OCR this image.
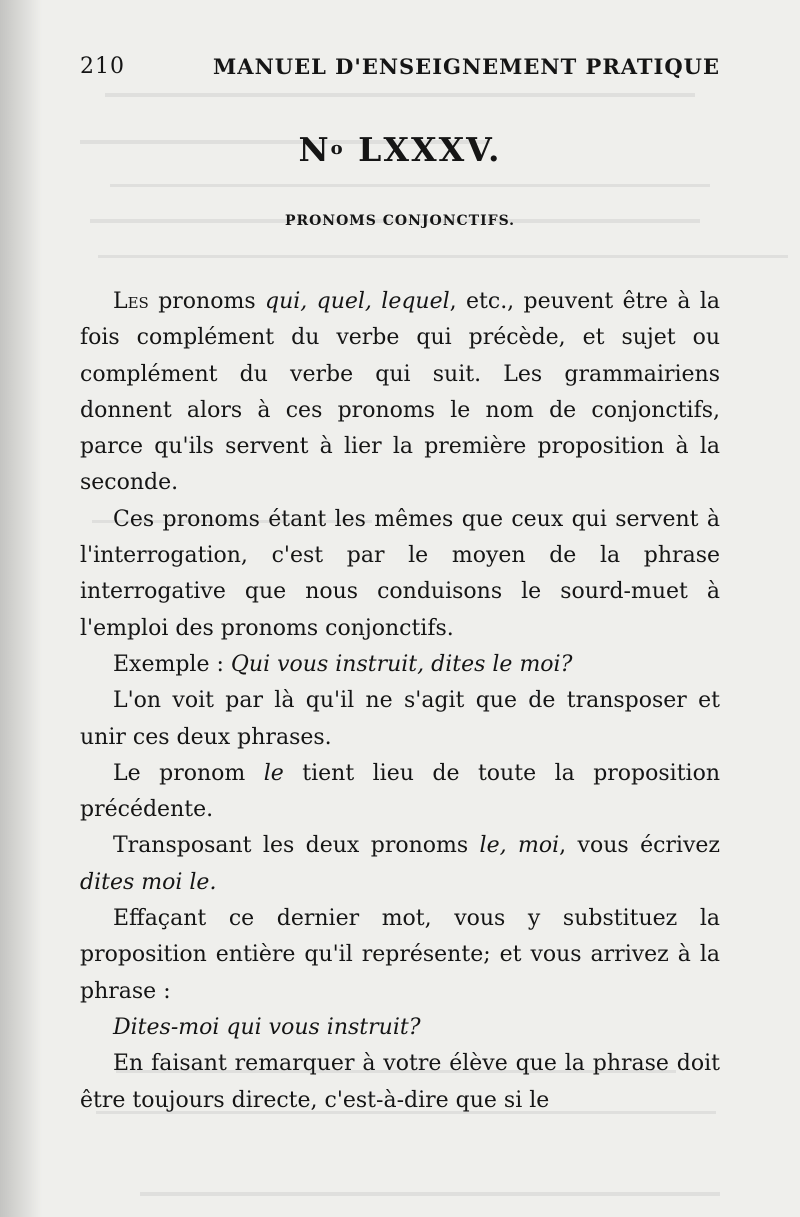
210	MANUEL D'ENSEIGNEMENT PRATIQUE
$N^o$ LXXXV.
PRONOMS CONJONCTIFS.

Les pronoms qui, quel, lequel, etc., peuvent être à la fois complément du verbe qui précède, et sujet ou complément du verbe qui suit. Les grammairiens donnent alors à ces pronoms le nom de conjonctifs, parce qu'ils servent à lier la première proposition à la seconde.

Ces pronoms étant les mêmes que ceux qui servent à l'interrogation, c'est par le moyen de la phrase interrogative que nous conduisons le sourd-muet à l'emploi des pronoms conjonctifs.

Exemple : Qui vous instruit, dites le moi?

L'on voit par là qu'il ne s'agit que de transposer et unir ces deux phrases.

Le pronom le tient lieu de toute la proposition précédente.

Transposant les deux pronoms le, moi, vous écrivez dites moi le.

Effaçant ce dernier mot, vous y substituez la proposition entière qu'il représente; et vous arrivez à la phrase :

Dites-moi qui vous instruit?

En faisant remarquer à votre élève que la phrase doit être toujours directe, c'est-à-dire que si le
